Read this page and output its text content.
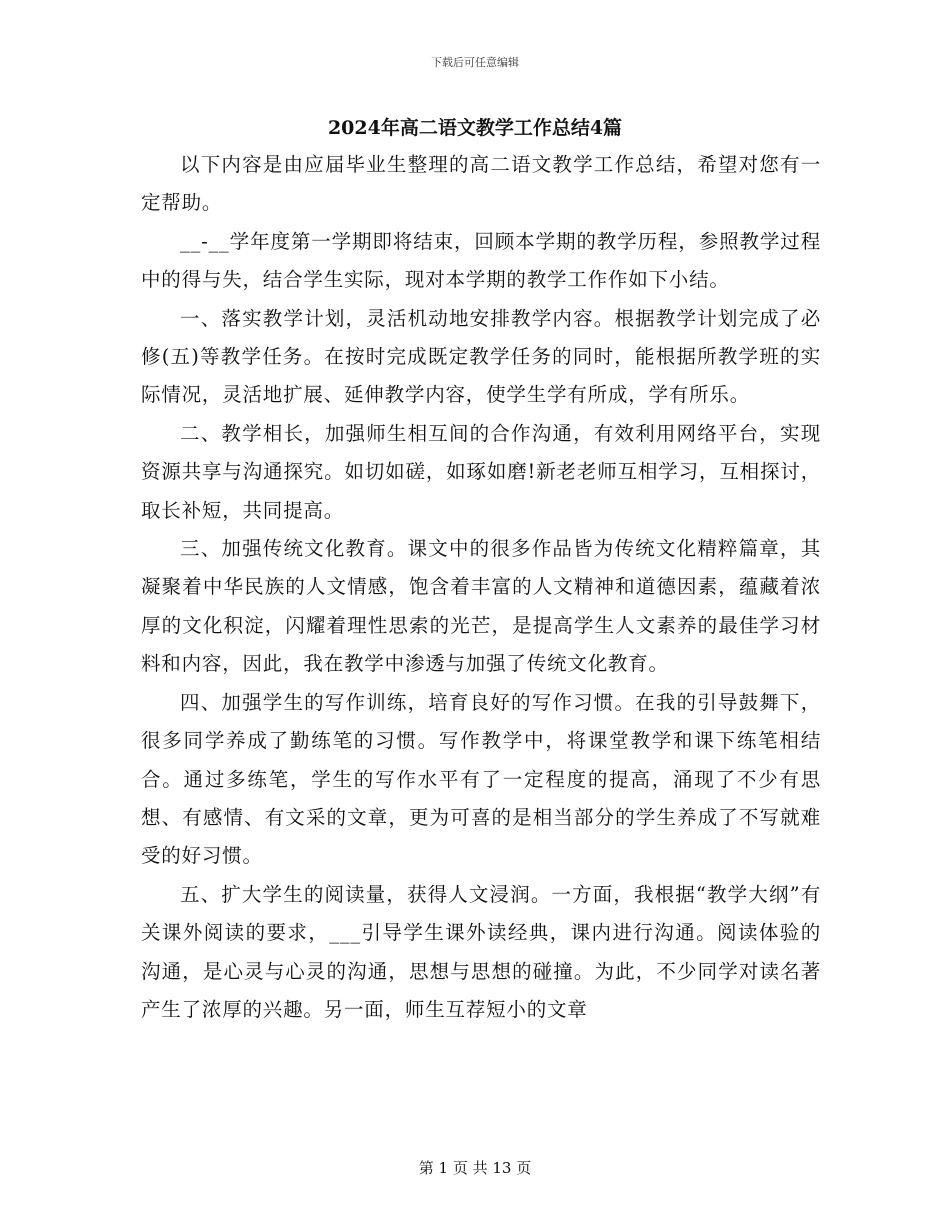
下载后可任意编辑
2024年高二语文教学工作总结4篇

以下内容是由应届毕业生整理的高二语文教学工作总结，希望对您有一定帮助。

__-__学年度第一学期即将结束，回顾本学期的教学历程，参照教学过程中的得与失，结合学生实际，现对本学期的教学工作作如下小结。

一、落实教学计划，灵活机动地安排教学内容。根据教学计划完成了必修(五)等教学任务。在按时完成既定教学任务的同时，能根据所教学班的实际情况，灵活地扩展、延伸教学内容，使学生学有所成，学有所乐。

二、教学相长，加强师生相互间的合作沟通，有效利用网络平台，实现资源共享与沟通探究。如切如磋，如琢如磨!新老老师互相学习，互相探讨，取长补短，共同提高。

三、加强传统文化教育。课文中的很多作品皆为传统文化精粹篇章，其凝聚着中华民族的人文情感，饱含着丰富的人文精神和道德因素，蕴藏着浓厚的文化积淀，闪耀着理性思索的光芒，是提高学生人文素养的最佳学习材料和内容，因此，我在教学中渗透与加强了传统文化教育。

四、加强学生的写作训练，培育良好的写作习惯。在我的引导鼓舞下，很多同学养成了勤练笔的习惯。写作教学中，将课堂教学和课下练笔相结合。通过多练笔，学生的写作水平有了一定程度的提高，涌现了不少有思想、有感情、有文采的文章，更为可喜的是相当部分的学生养成了不写就难受的好习惯。

五、扩大学生的阅读量，获得人文浸润。一方面，我根据“教学大纲”有关课外阅读的要求，___引导学生课外读经典，课内进行沟通。阅读体验的沟通，是心灵与心灵的沟通，思想与思想的碰撞。为此，不少同学对读名著产生了浓厚的兴趣。另一面，师生互荐短小的文章

第 1 页 共 13 页
